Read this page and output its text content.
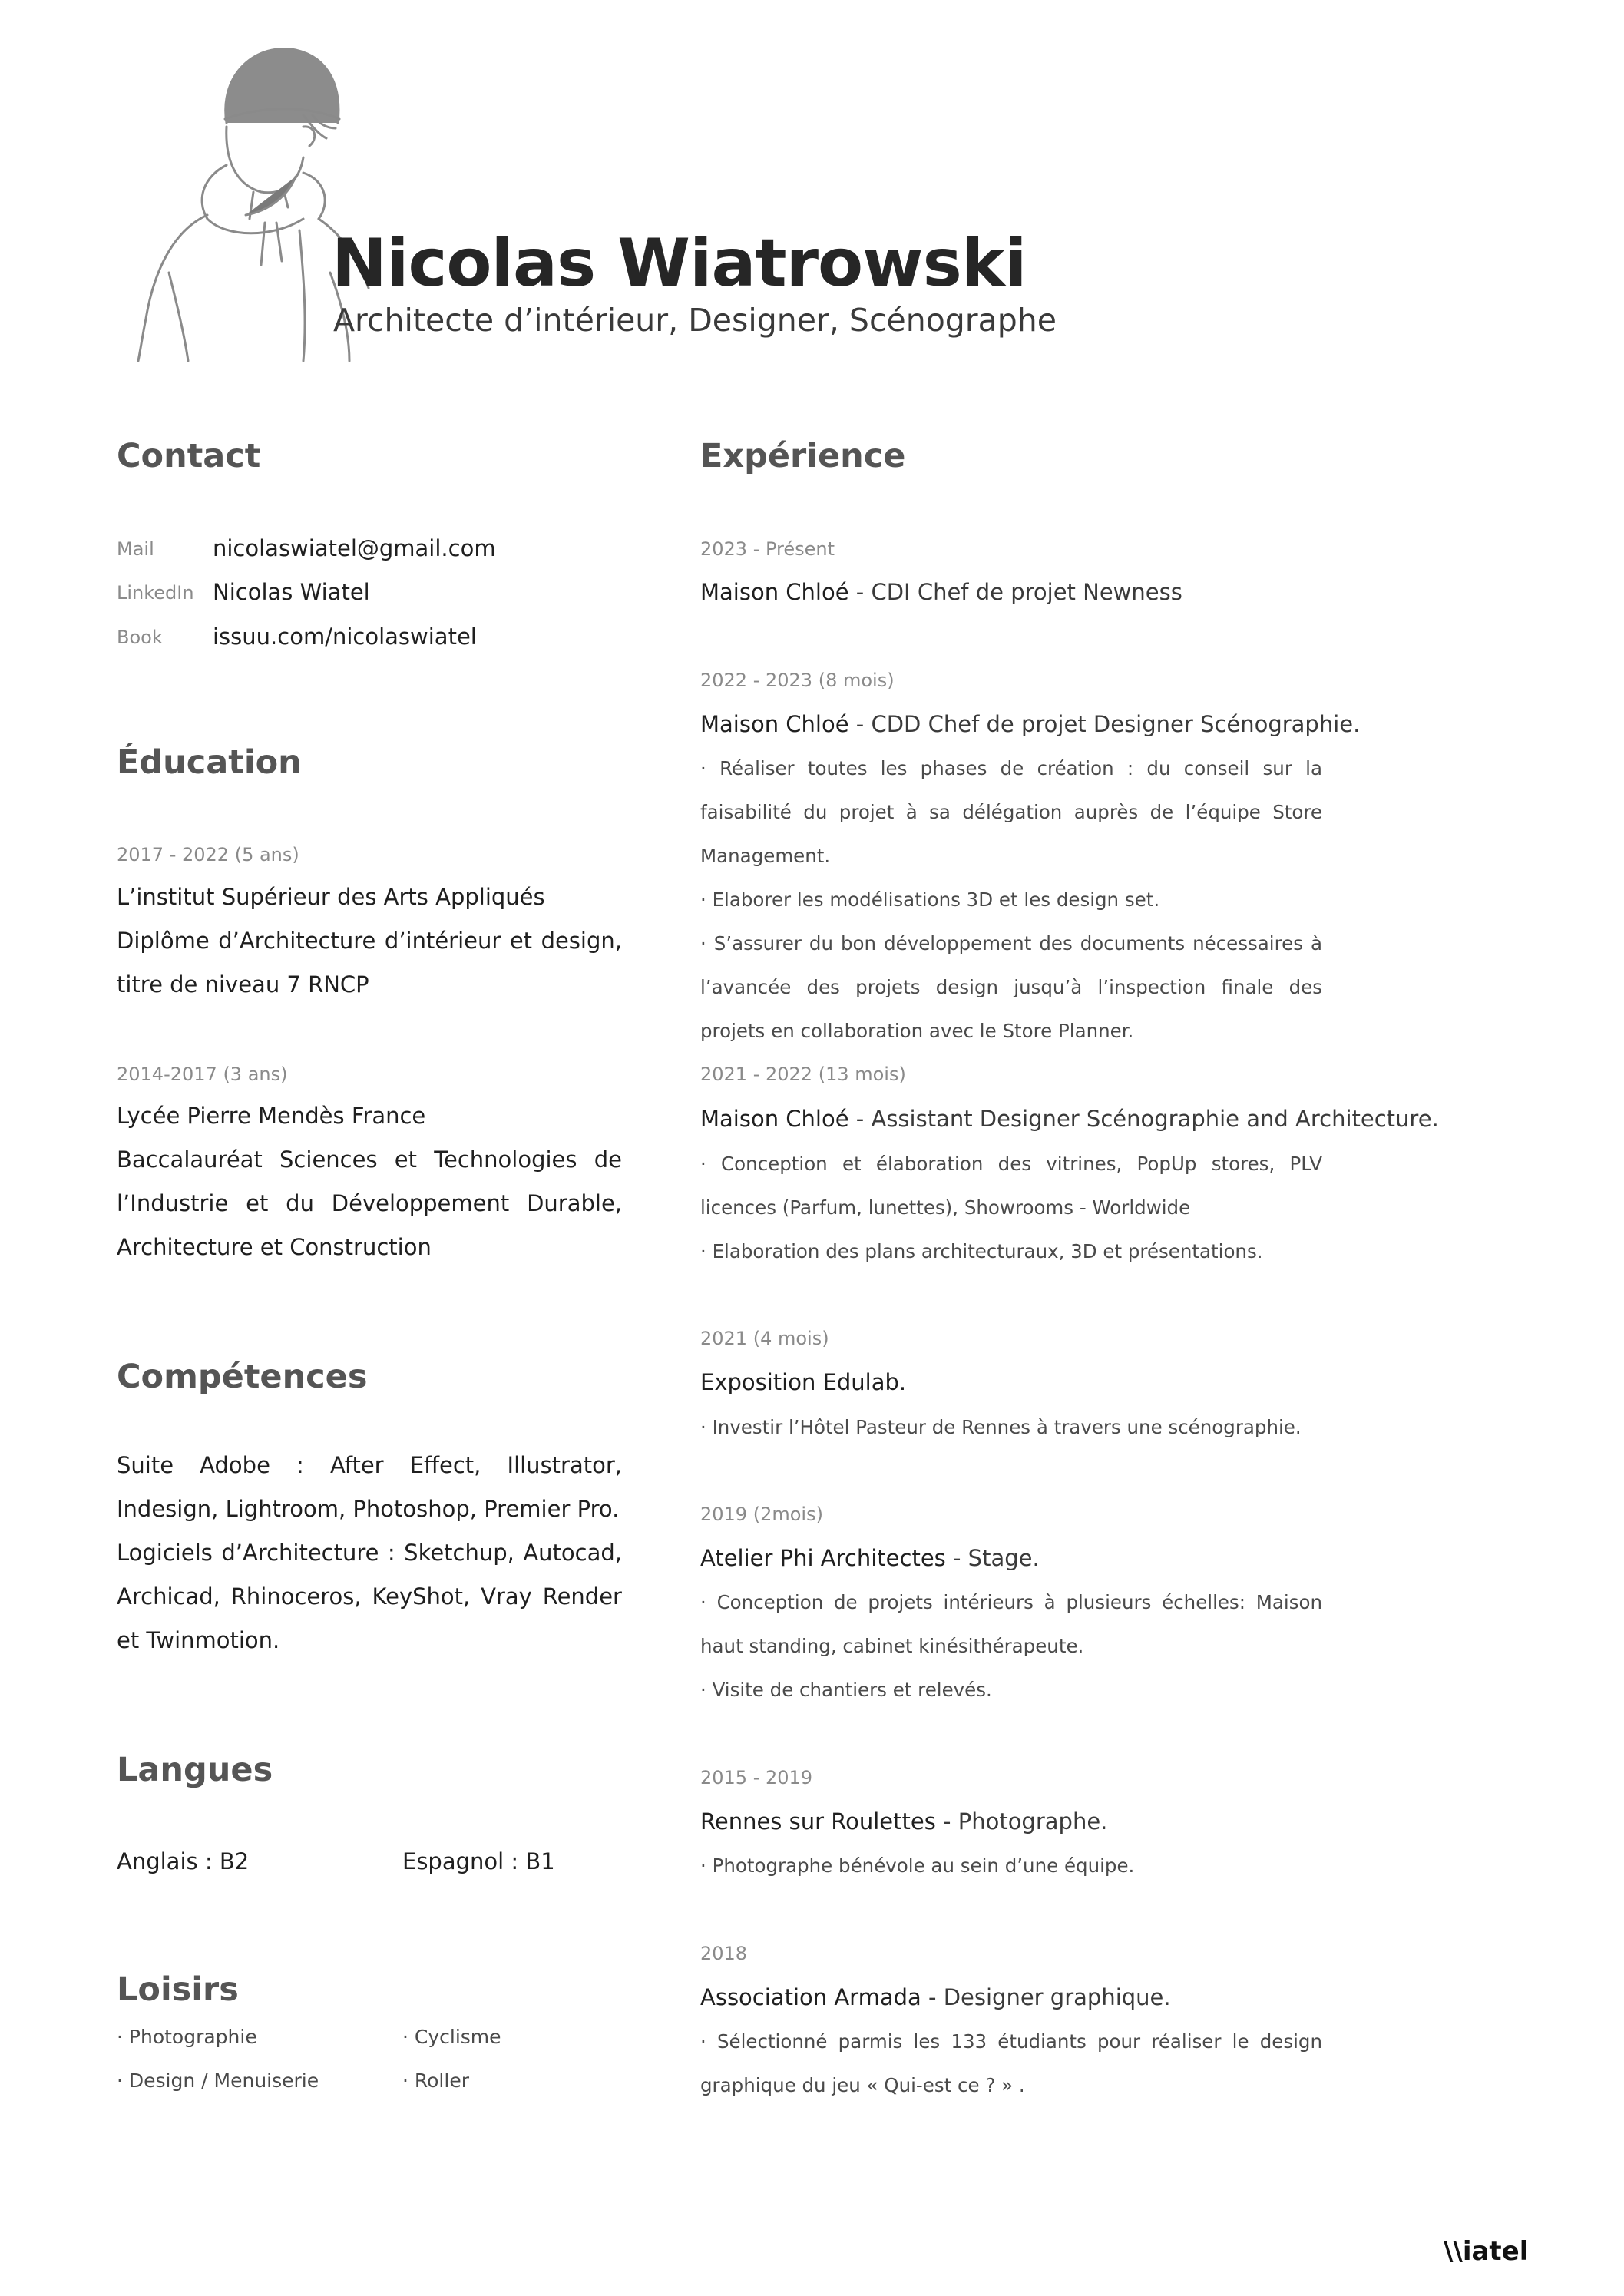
Nicolas Wiatrowski
Architecte d’intérieur, Designer, Scénographe
Contact
Mail	nicolaswiatel@gmail.com
LinkedIn Nicolas Wiatel
Book issuu.com/nicolaswiatel
Éducation
2017 - 2022 (5 ans)

L’institut Supérieur des Arts Appliqués

Diplôme d’Architecture d’intérieur et design, titre de niveau 7 RNCP

2014-2017 (3 ans)

Lycée Pierre Mendès France

Baccalauréat Sciences et Technologies de l’Industrie et du Développement Durable, Architecture et Construction

Compétences

Suite Adobe : After Effect, Illustrator, Indesign, Lightroom, Photoshop, Premier Pro.

Logiciels d’Architecture : Sketchup, Autocad, Archicad, Rhinoceros, KeyShot, Vray Render et Twinmotion.

Langues
Anglais : B2	Espagnol : B1
Loisirs
· Photographie	· Cyclisme
· Design / Menuiserie	· Roller
Expérience
2023 - Présent
Maison Chloé - CDI Chef de projet Newness
2022 - 2023 (8 mois)
Maison Chloé - CDD Chef de projet Designer Scénographie.

· Réaliser toutes les phases de création : du conseil sur la faisabilité du projet à sa délégation auprès de l’équipe Store Management.

· Elaborer les modélisations 3D et les design set.

· S’assurer du bon développement des documents nécessaires à l’avancée des projets design jusqu’à l’inspection finale des projets en collaboration avec le Store Planner.

2021 - 2022 (13 mois)
Maison Chloé - Assistant Designer Scénographie and Architecture.

· Conception et élaboration des vitrines, PopUp stores, PLV licences (Parfum, lunettes), Showrooms - Worldwide

· Elaboration des plans architecturaux, 3D et présentations.

2021 (4 mois)
Exposition Edulab.

· Investir l’Hôtel Pasteur de Rennes à travers une scénographie.

2019 (2mois)
Atelier Phi Architectes - Stage.

· Conception de projets intérieurs à plusieurs échelles: Maison haut standing, cabinet kinésithérapeute.

· Visite de chantiers et relevés.

2015 - 2019
Rennes sur Roulettes - Photographe.

· Photographe bénévole au sein d’une équipe.

2018
Association Armada - Designer graphique.

· Sélectionné parmis les 133 étudiants pour réaliser le design graphique du jeu « Qui-est ce ? » .

\\iatel
